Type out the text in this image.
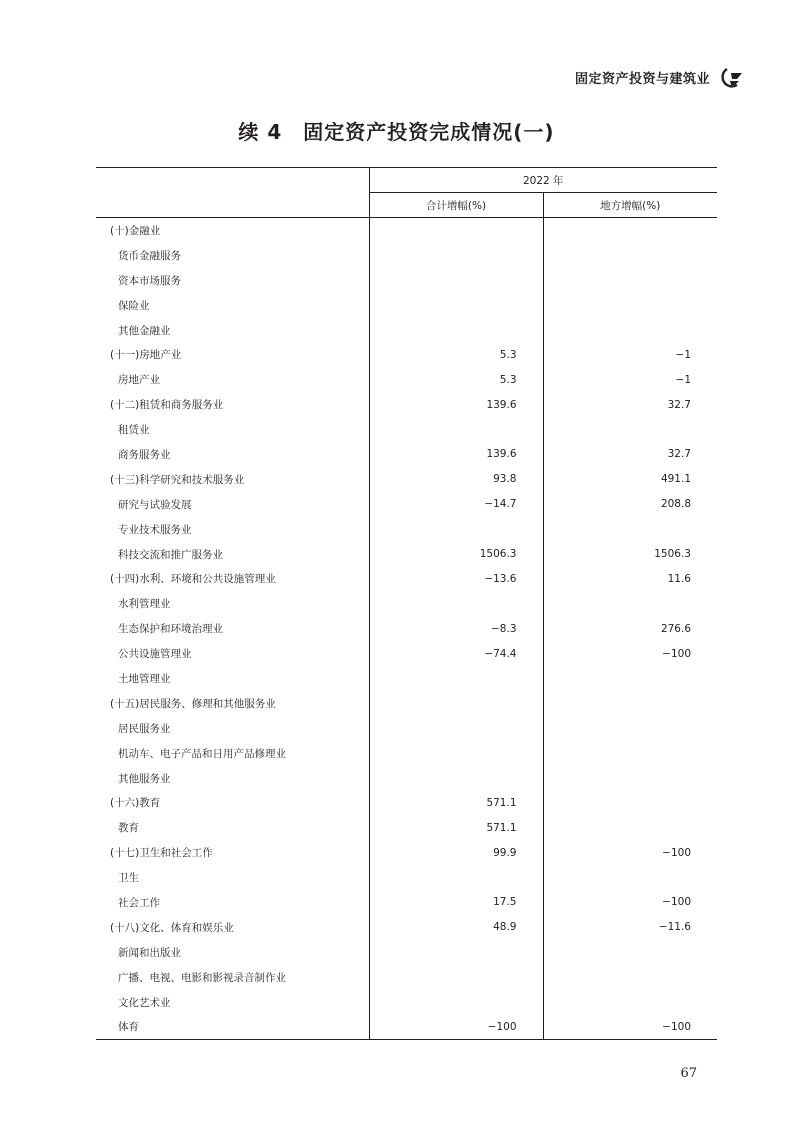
固定资产投资与建筑业
续 4　固定资产投资完成情况(一)
	2022 年	
	合计增幅(%)	地方增幅(%)
(十)金融业		
货币金融服务		
资本市场服务		
保险业		
其他金融业		
(十一)房地产业	5.3	−1
房地产业	5.3	−1
(十二)租赁和商务服务业	139.6	32.7
租赁业		
商务服务业	139.6	32.7
(十三)科学研究和技术服务业	93.8	491.1
研究与试验发展	−14.7	208.8
专业技术服务业		
科技交流和推广服务业	1506.3	1506.3
(十四)水利、环境和公共设施管理业	−13.6	11.6
水利管理业		
生态保护和环境治理业	−8.3	276.6
公共设施管理业	−74.4	−100
土地管理业		
(十五)居民服务、修理和其他服务业		
居民服务业		
机动车、电子产品和日用产品修理业		
其他服务业		
(十六)教育	571.1	
教育	571.1	
(十七)卫生和社会工作	99.9	−100
卫生		
社会工作	17.5	−100
(十八)文化、体育和娱乐业	48.9	−11.6
新闻和出版业		
广播、电视、电影和影视录音制作业		
文化艺术业		
体育	−100	−100
67
